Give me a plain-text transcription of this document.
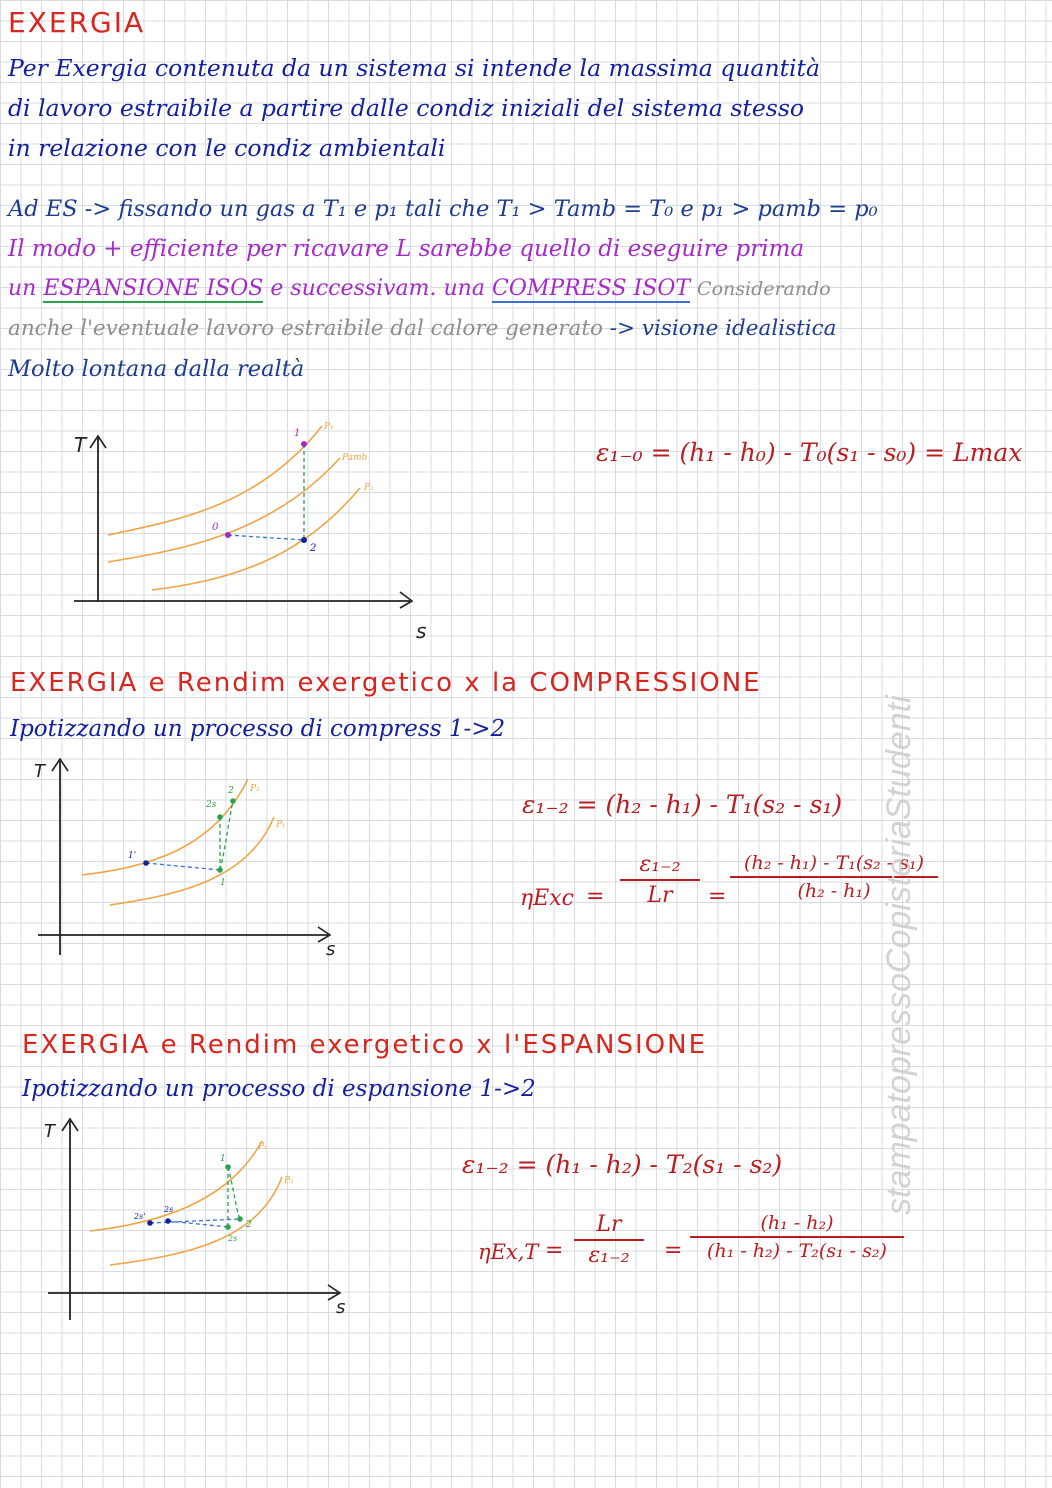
EXERGIA
Per Exergia contenuta da un sistema si intende la massima quantità
di lavoro estraibile a partire dalle condiz iniziali del sistema stesso
in relazione con le condiz ambientali
Ad ES -> fissando un gas a T₁ e p₁ tali che T₁ > Tamb = T₀ e p₁ > pamb = p₀
Il modo + efficiente per ricavare L sarebbe quello di eseguire prima
un ESPANSIONE ISOS e successivam. una COMPRESS ISOT Considerando
anche l'eventuale lavoro estraibile dal calore generato -> visione idealistica
Molto lontana dalla realtà
T
s
P₁
Pamb
P₂
1
0
2
ε₁₋₀ = (h₁ - h₀) - T₀(s₁ - s₀) = Lmax
EXERGIA e Rendim exergetico x la COMPRESSIONE
Ipotizzando un processo di compress 1->2
T
s
P₂
P₁
2s
2
1'
1
ε₁₋₂ = (h₂ - h₁) - T₁(s₂ - s₁)
ηExc =
ε₁₋₂
Lr	=
(h₂ - h₁) - T₁(s₂ - s₁)
(h₂ - h₁)
EXERGIA e Rendim exergetico x l'ESPANSIONE
Ipotizzando un processo di espansione 1->2
T
s
P₁
P₂
1
2s'
2s
2
2s
ε₁₋₂ = (h₁ - h₂) - T₂(s₁ - s₂)
ηEx,T =
Lr
ε₁₋₂	=
(h₁ - h₂)
(h₁ - h₂) - T₂(s₁ - s₂)
stampatopressoCopisteriaStudenti
